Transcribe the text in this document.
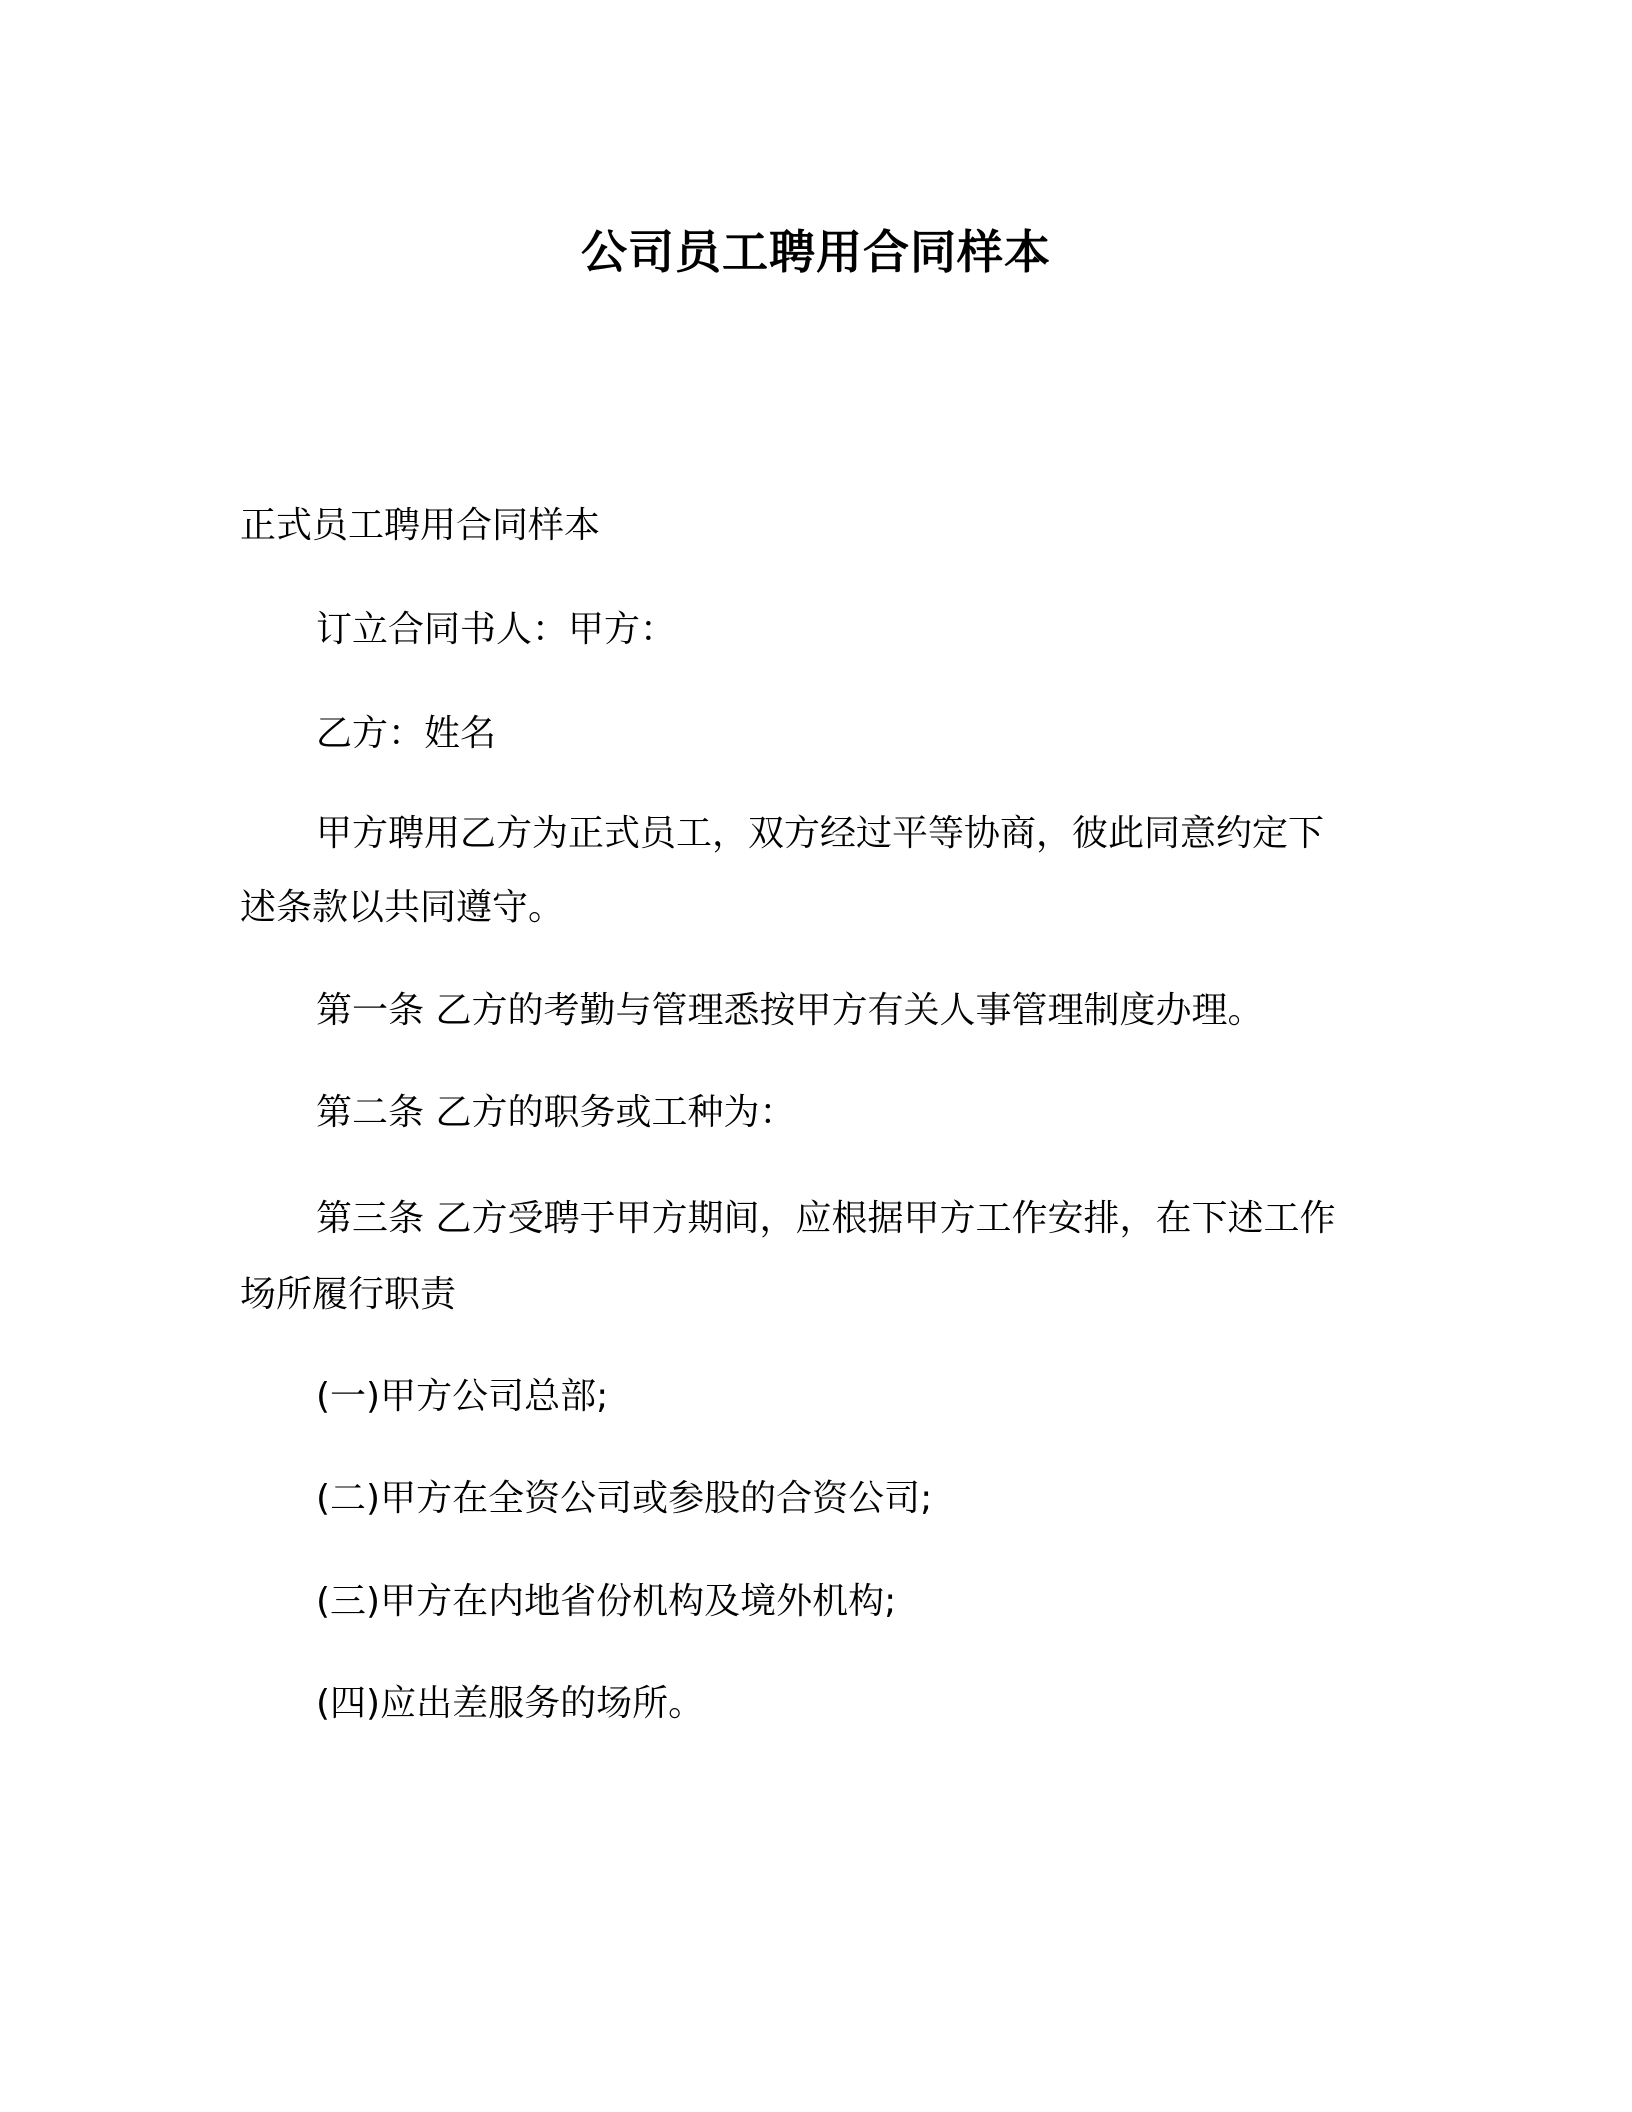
公司员工聘用合同样本

正式员工聘用合同样本

订立合同书人：甲方：

乙方：姓名

甲方聘用乙方为正式员工，双方经过平等协商，彼此同意约定下

述条款以共同遵守。

第一条 乙方的考勤与管理悉按甲方有关人事管理制度办理。

第二条 乙方的职务或工种为：

第三条 乙方受聘于甲方期间，应根据甲方工作安排，在下述工作

场所履行职责

(一)甲方公司总部;

(二)甲方在全资公司或参股的合资公司;

(三)甲方在内地省份机构及境外机构;

(四)应出差服务的场所。
